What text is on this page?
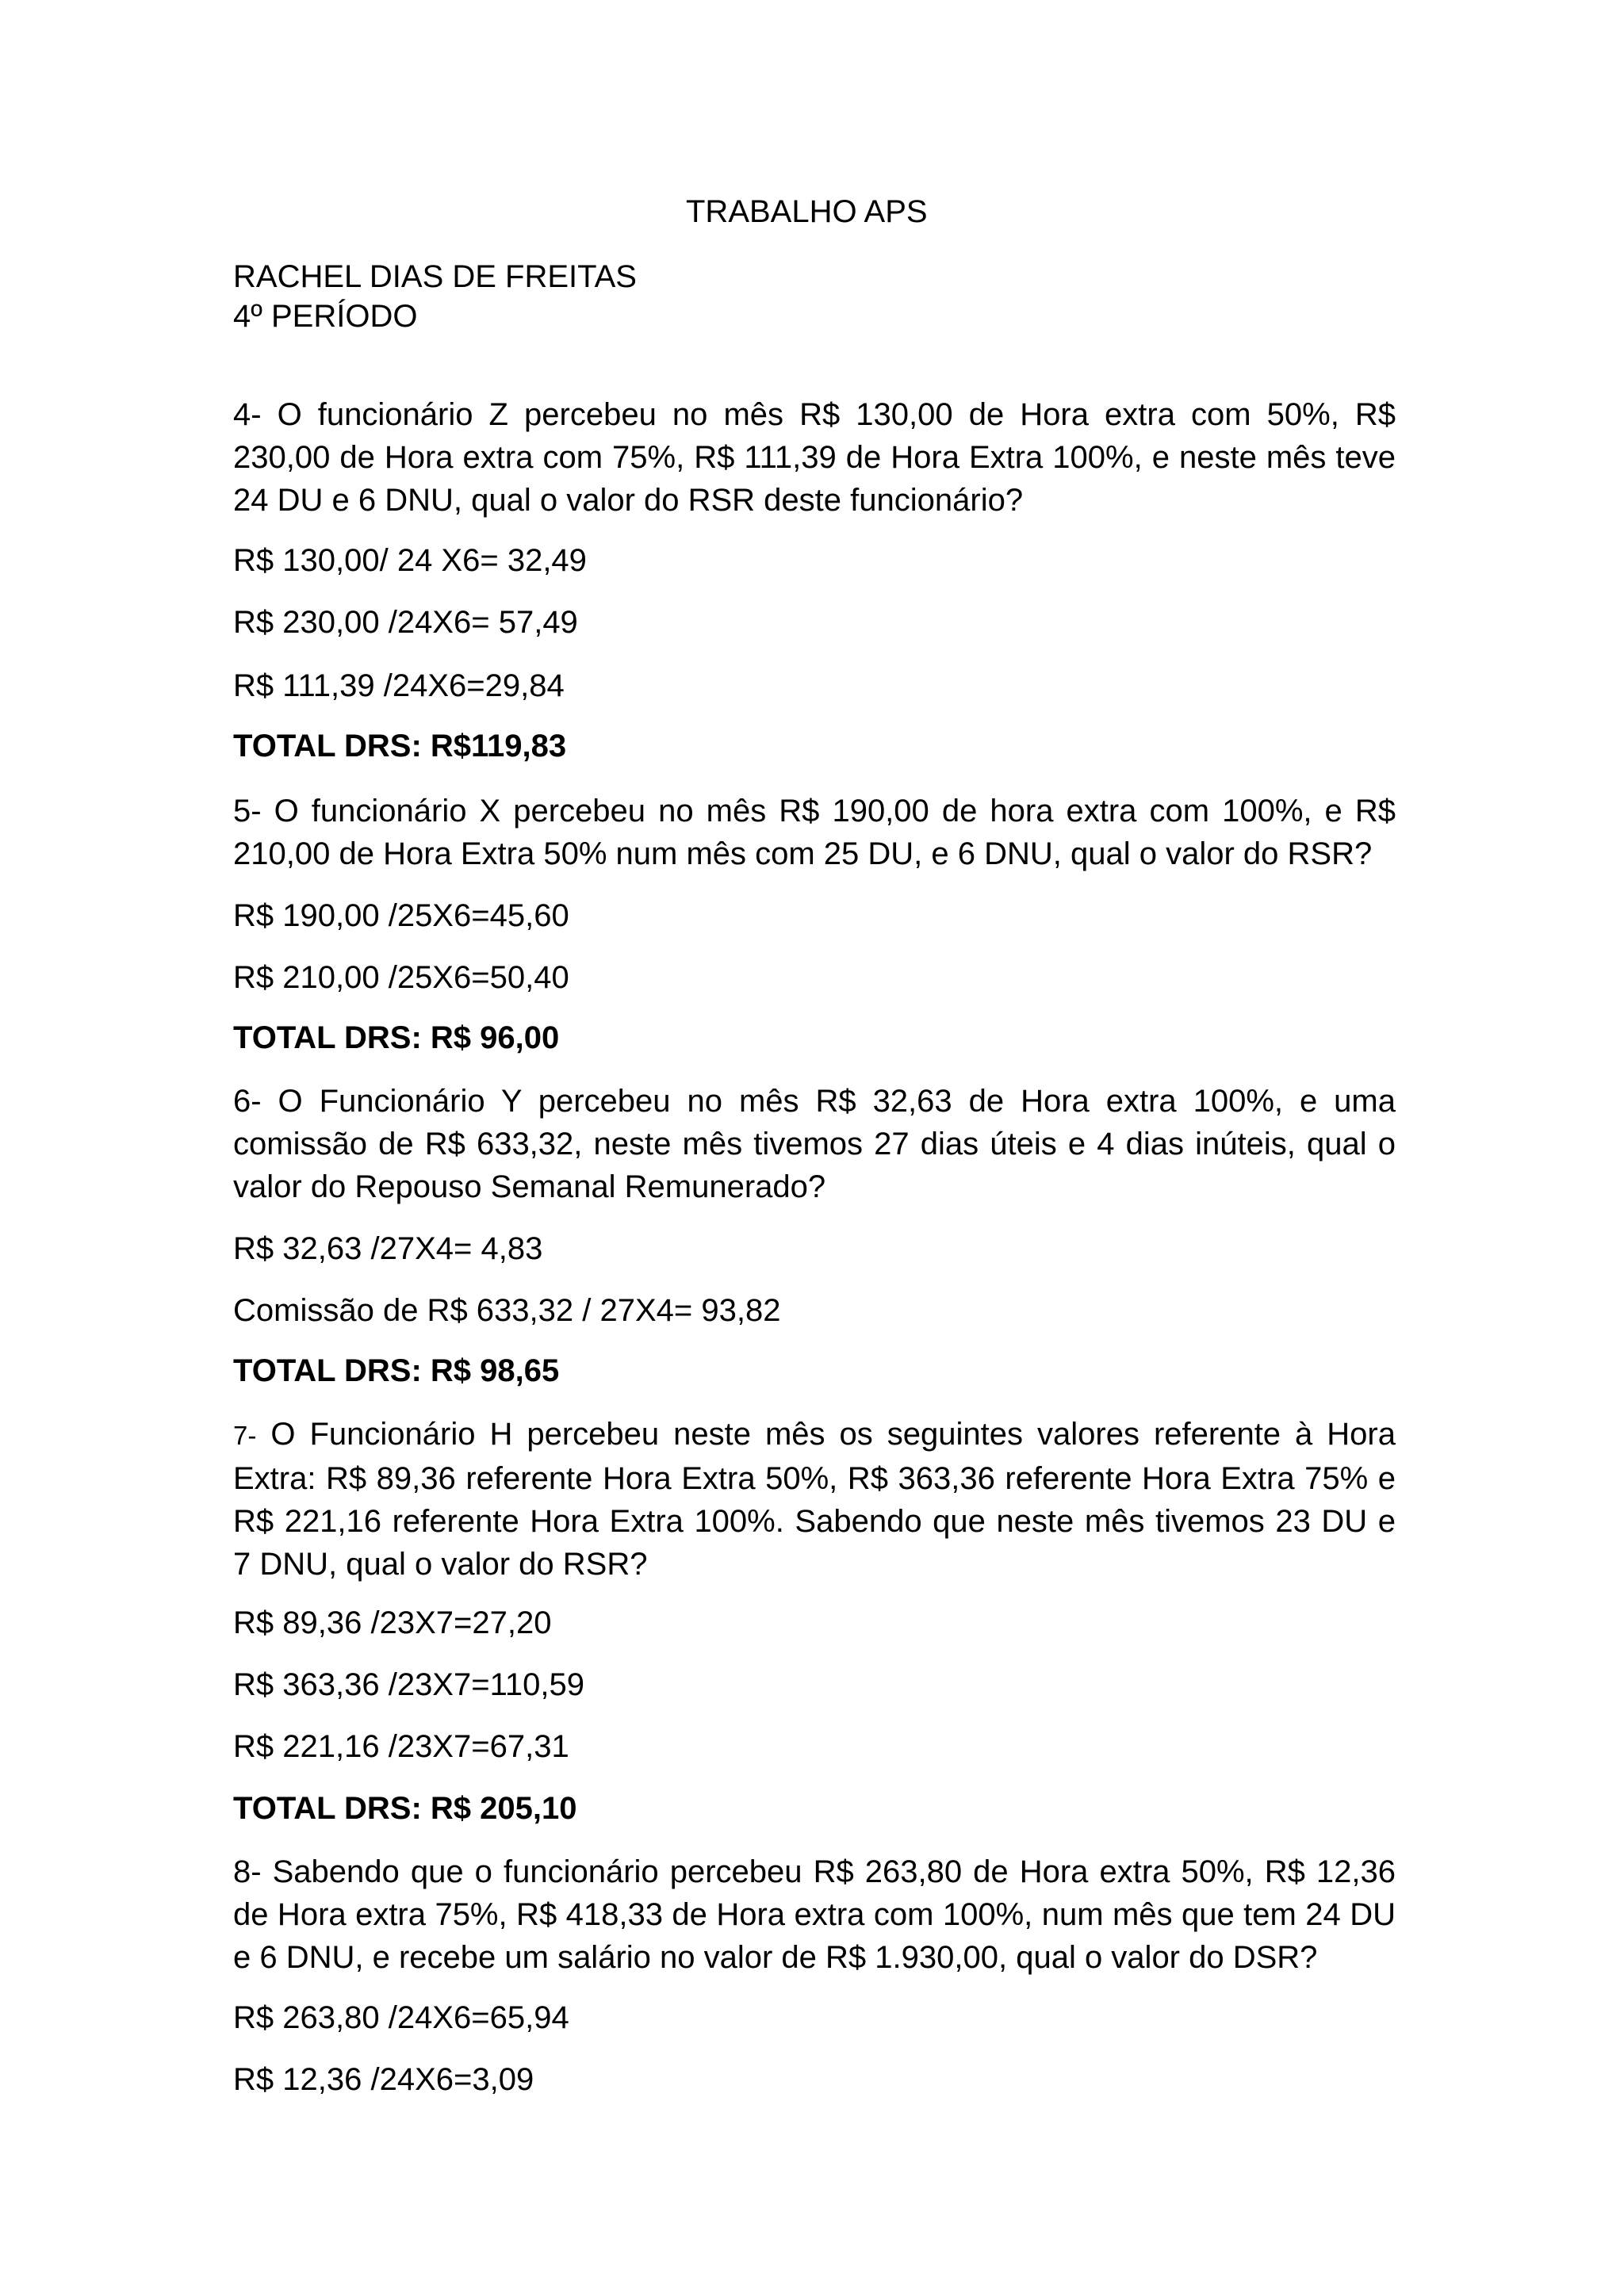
TRABALHO APS
RACHEL DIAS DE FREITAS
4º PERÍODO
4- O funcionário Z percebeu no mês R$ 130,00 de Hora extra com 50%, R$ 230,00 de Hora extra com 75%, R$ 111,39 de Hora Extra 100%, e neste mês teve 24 DU e 6 DNU, qual o valor do RSR deste funcionário?
R$ 130,00/ 24 X6= 32,49
R$ 230,00 /24X6= 57,49
R$ 111,39 /24X6=29,84
TOTAL DRS: R$119,83
5- O funcionário X percebeu no mês R$ 190,00 de hora extra com 100%, e R$ 210,00 de Hora Extra 50% num mês com 25 DU, e 6 DNU, qual o valor do RSR?
R$ 190,00 /25X6=45,60
R$ 210,00 /25X6=50,40
TOTAL DRS: R$ 96,00
6- O Funcionário Y percebeu no mês R$ 32,63 de Hora extra 100%, e uma comissão de R$ 633,32, neste mês tivemos 27 dias úteis e 4 dias inúteis, qual o valor do Repouso Semanal Remunerado?
R$ 32,63 /27X4= 4,83
Comissão de R$ 633,32 / 27X4= 93,82
TOTAL DRS: R$ 98,65
7- O Funcionário H percebeu neste mês os seguintes valores referente à Hora Extra: R$ 89,36 referente Hora Extra 50%, R$ 363,36 referente Hora Extra 75% e R$ 221,16 referente Hora Extra 100%. Sabendo que neste mês tivemos 23 DU e 7 DNU, qual o valor do RSR?
R$ 89,36 /23X7=27,20
R$ 363,36 /23X7=110,59
R$ 221,16 /23X7=67,31
TOTAL DRS: R$ 205,10
8- Sabendo que o funcionário percebeu R$ 263,80 de Hora extra 50%, R$ 12,36 de Hora extra 75%, R$ 418,33 de Hora extra com 100%, num mês que tem 24 DU e 6 DNU, e recebe um salário no valor de R$ 1.930,00, qual o valor do DSR?
R$ 263,80 /24X6=65,94
R$ 12,36 /24X6=3,09
